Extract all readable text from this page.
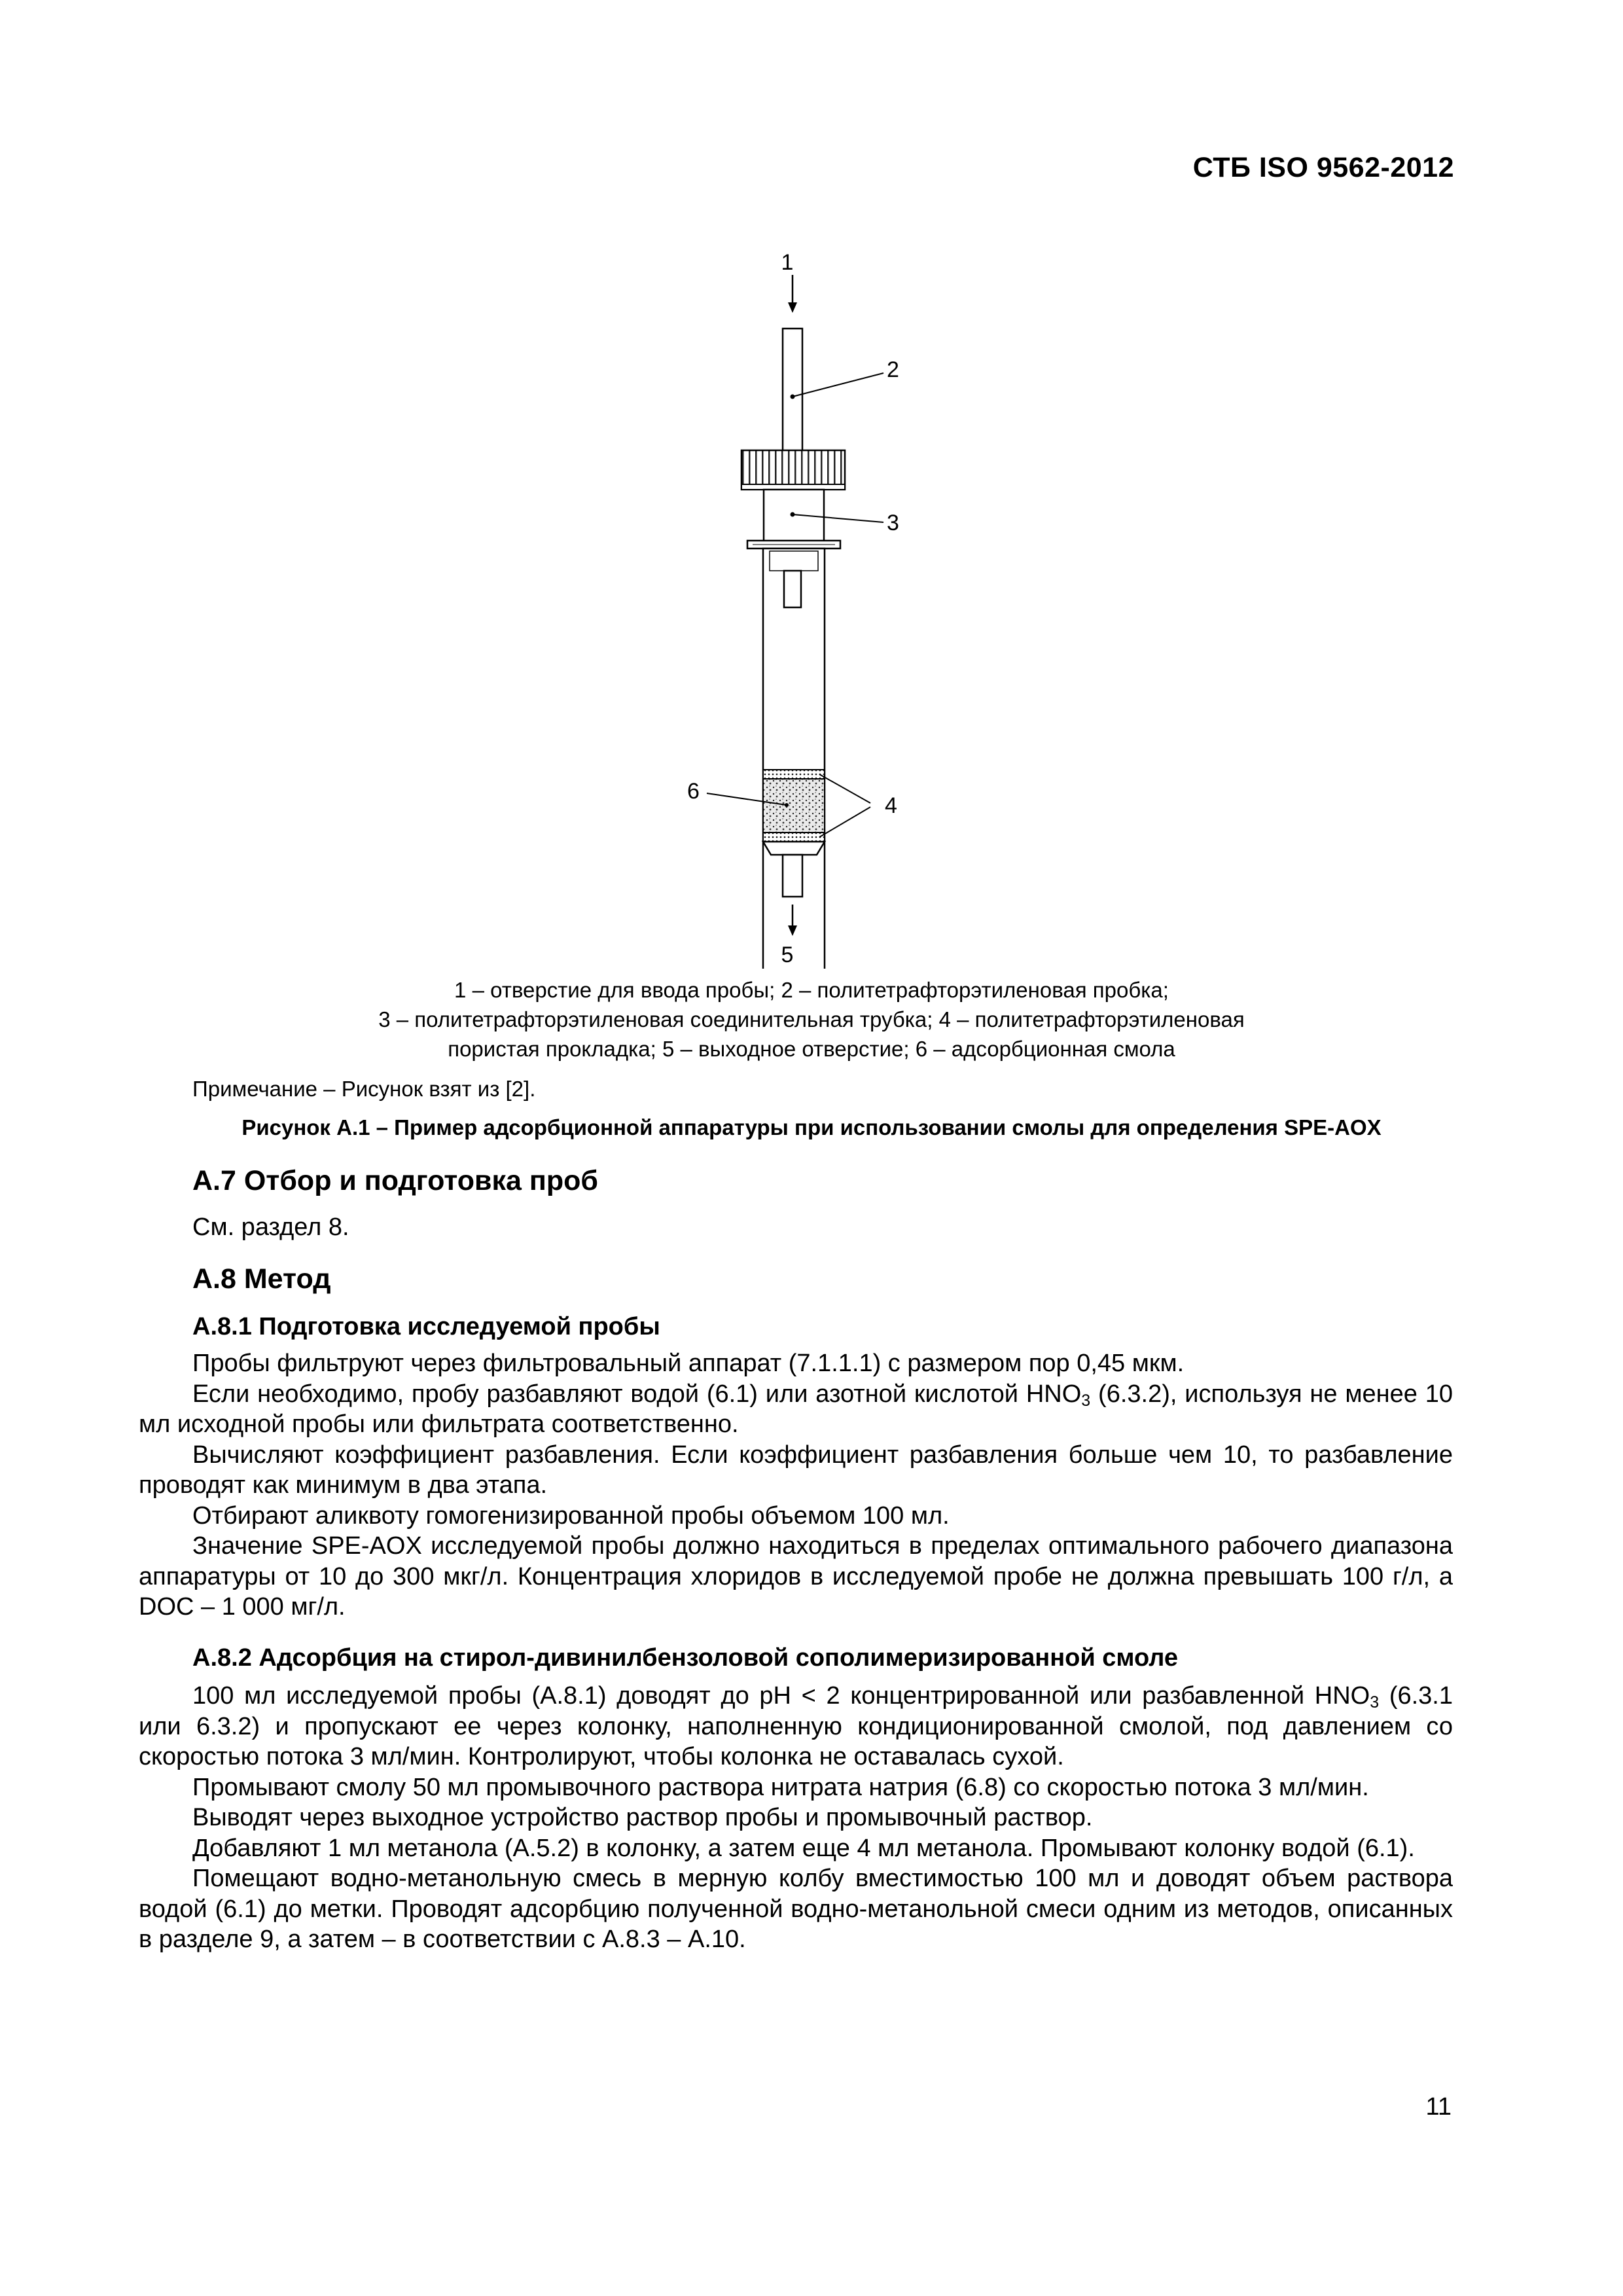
СТБ ISO 9562-2012
1
2
3
4
6
5
1 – отверстие для ввода пробы; 2 – политетрафторэтиленовая пробка;
3 – политетрафторэтиленовая соединительная трубка; 4 – политетрафторэтиленовая
пористая прокладка; 5 – выходное отверстие; 6 – адсорбционная смола
Примечание – Рисунок взят из [2].
Рисунок А.1 – Пример адсорбционной аппаратуры при использовании смолы для определения SPE-AOX
А.7 Отбор и подготовка проб

См. раздел 8.

А.8 Метод
А.8.1 Подготовка исследуемой пробы

Пробы фильтруют через фильтровальный аппарат (7.1.1.1) с размером пор 0,45 мкм.

Если необходимо, пробу разбавляют водой (6.1) или азотной кислотой $HNO_3$ (6.3.2), используя не менее 10 мл исходной пробы или фильтрата соответственно.

Вычисляют коэффициент разбавления. Если коэффициент разбавления больше чем 10, то разбавление проводят как минимум в два этапа.

Отбирают аликвоту гомогенизированной пробы объемом 100 мл.

Значение SPE-AOX исследуемой пробы должно находиться в пределах оптимального рабочего диапазона аппаратуры от 10 до 300 мкг/л. Концентрация хлоридов в исследуемой пробе не должна превышать 100 г/л, а DOC – 1 000 мг/л.

А.8.2 Адсорбция на стирол-дивинилбензоловой сополимеризированной смоле

100 мл исследуемой пробы (А.8.1) доводят до pH < 2 концентрированной или разбавленной $HNO_3$ (6.3.1 или 6.3.2) и пропускают ее через колонку, наполненную кондиционированной смолой, под давлением со скоростью потока 3 мл/мин. Контролируют, чтобы колонка не оставалась сухой.

Промывают смолу 50 мл промывочного раствора нитрата натрия (6.8) со скоростью потока 3 мл/мин.

Выводят через выходное устройство раствор пробы и промывочный раствор.

Добавляют 1 мл метанола (А.5.2) в колонку, а затем еще 4 мл метанола. Промывают колонку водой (6.1).

Помещают водно-метанольную смесь в мерную колбу вместимостью 100 мл и доводят объем раствора водой (6.1) до метки. Проводят адсорбцию полученной водно-метанольной смеси одним из методов, описанных в разделе 9, а затем – в соответствии с А.8.3 – А.10.

11
